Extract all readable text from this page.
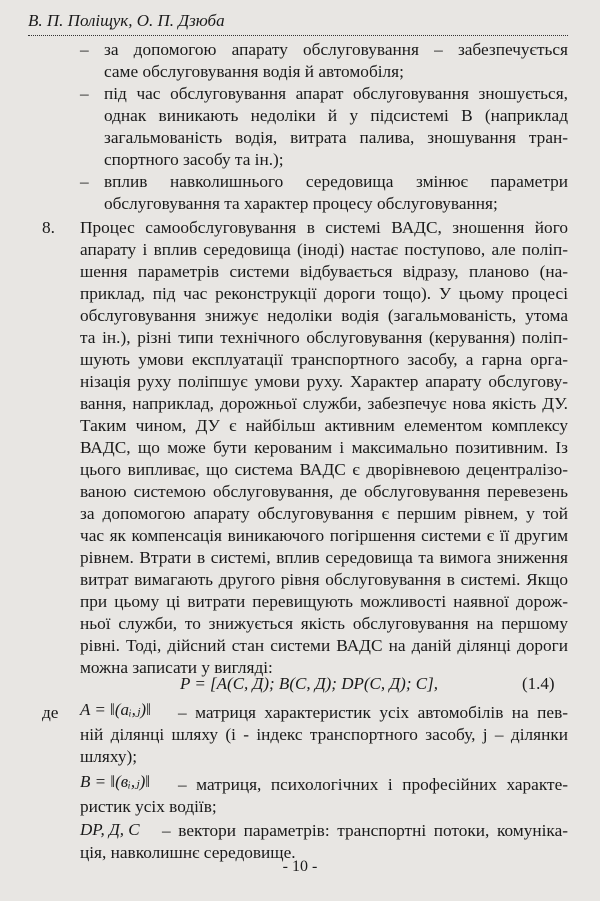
В. П. Поліщук, О. П. Дзюба
– за допомогою апарату обслуговування – забезпечується
саме обслуговування водія й автомобіля;
– під час обслуговування апарат обслуговування зношується,
однак виникають недоліки й у підсистемі В (наприклад
загальмованість водія, витрата палива, зношування тран-
спортного засобу та ін.);
– вплив навколишнього середовища змінює параметри
обслуговування та характер процесу обслуговування;
8. Процес самообслуговування в системі ВАДС, зношення його
апарату і вплив середовища (іноді) настає поступово, але поліп-
шення параметрів системи відбувається відразу, планово (на-
приклад, під час реконструкції дороги тощо). У цьому процесі
обслуговування знижує недоліки водія (загальмованість, утома
та ін.), різні типи технічного обслуговування (керування) поліп-
шують умови експлуатації транспортного засобу, а гарна орга-
нізація руху поліпшує умови руху. Характер апарату обслугову-
вання, наприклад, дорожньої служби, забезпечує нова якість ДУ.
Таким чином, ДУ є найбільш активним елементом комплексу
ВАДС, що може бути керованим і максимально позитивним. Із
цього випливає, що система ВАДС є дворівневою децентралізо-
ваною системою обслуговування, де обслуговування перевезень
за допомогою апарату обслуговування є першим рівнем, у той
час як компенсація виникаючого погіршення системи є її другим
рівнем. Втрати в системі, вплив середовища та вимога зниження
витрат вимагають другого рівня обслуговування в системі. Якщо
при цьому ці витрати перевищують можливості наявної дорож-
ньої служби, то знижується якість обслуговування на першому
рівні. Тоді, дійсний стан системи ВАДС на даній ділянці дороги
можна записати у вигляді:
P = [A(C, Д); B(C, Д); DP(C, Д); C],	(1.4)
де A = ‖(aᵢ,ⱼ)‖ – матриця характеристик усіх автомобілів на пев-
ній ділянці шляху (i - індекс транспортного засобу, j – ділянки
шляху);
B = ‖(вᵢ,ⱼ)‖ – матриця, психологічних і професійних характе-
ристик усіх водіїв;
DP, Д, C – вектори параметрів: транспортні потоки, комуніка-
ція, навколишнє середовище.
- 10 -
